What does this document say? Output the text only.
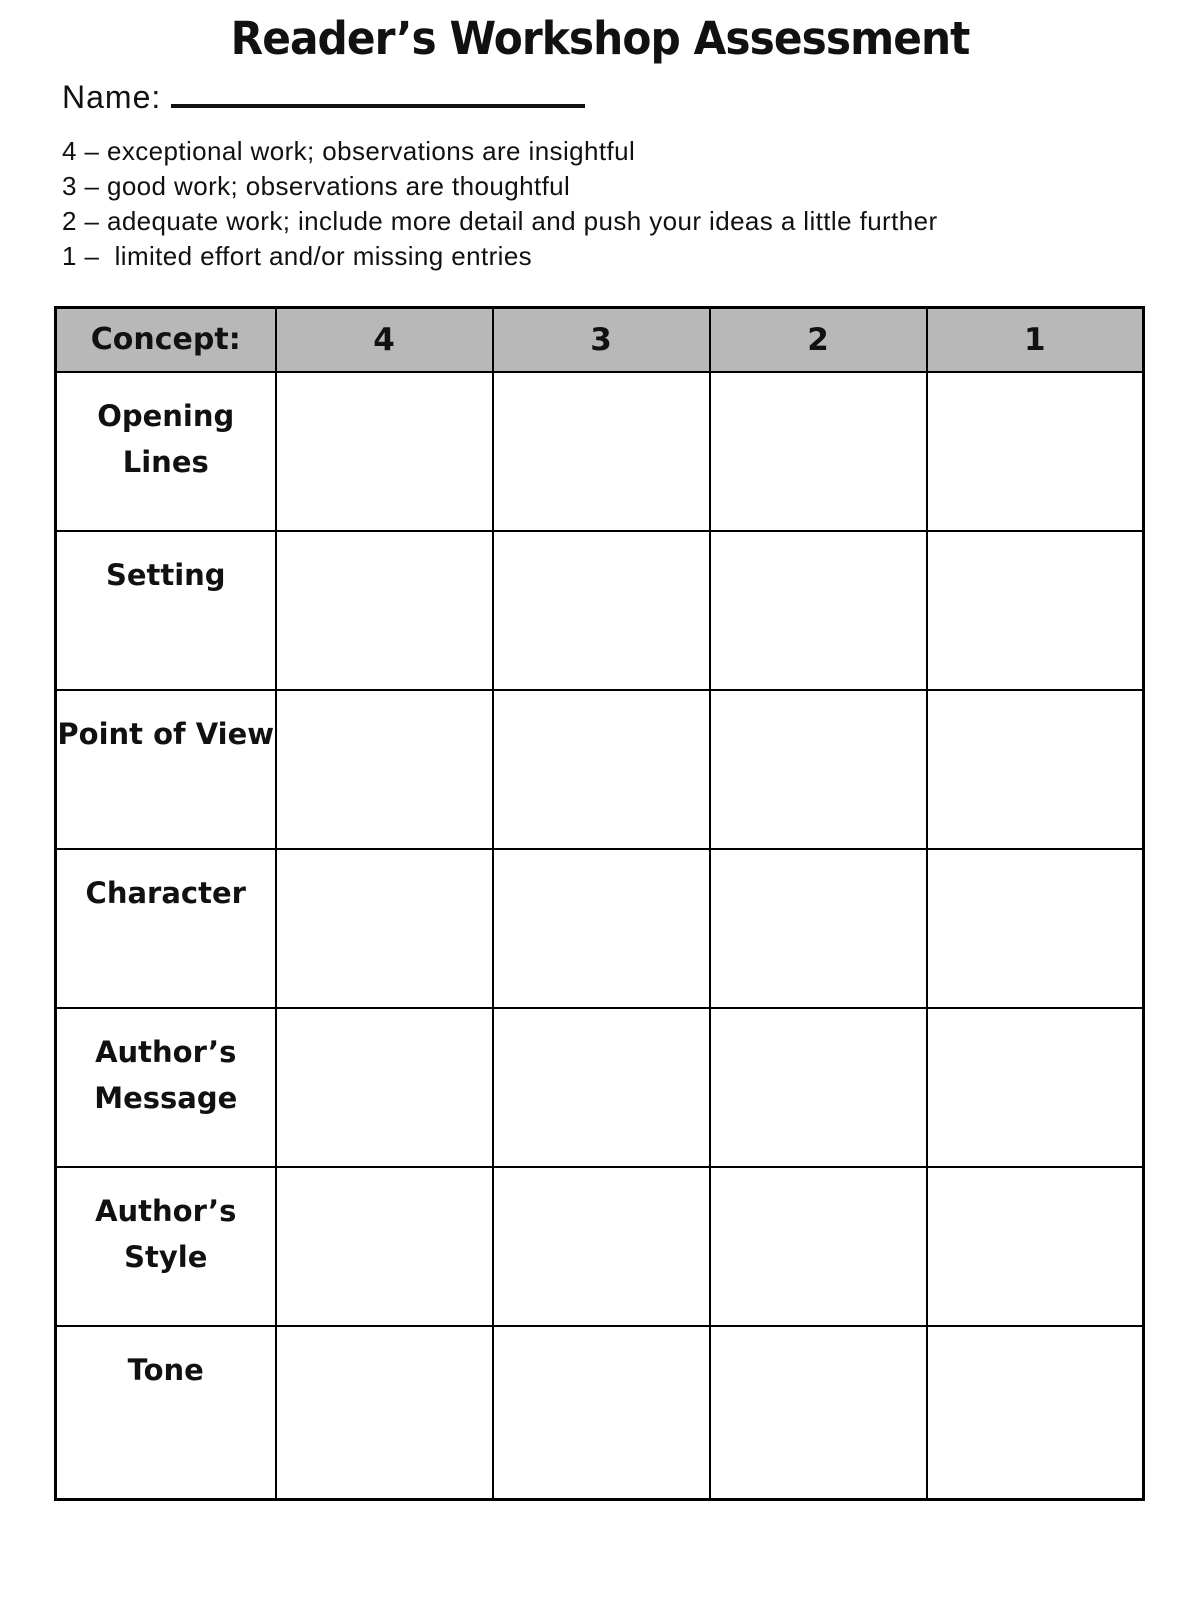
Reader’s Workshop Assessment
Name:
4 – exceptional work; observations are insightful
3 – good work; observations are thoughtful
2 – adequate work; include more detail and push your ideas a little further
1 –  limited effort and/or missing entries
Concept:	4	3	2	1
Opening Lines				
Setting				
Point of View				
Character				
Author’s Message				
Author’s Style				
Tone				
